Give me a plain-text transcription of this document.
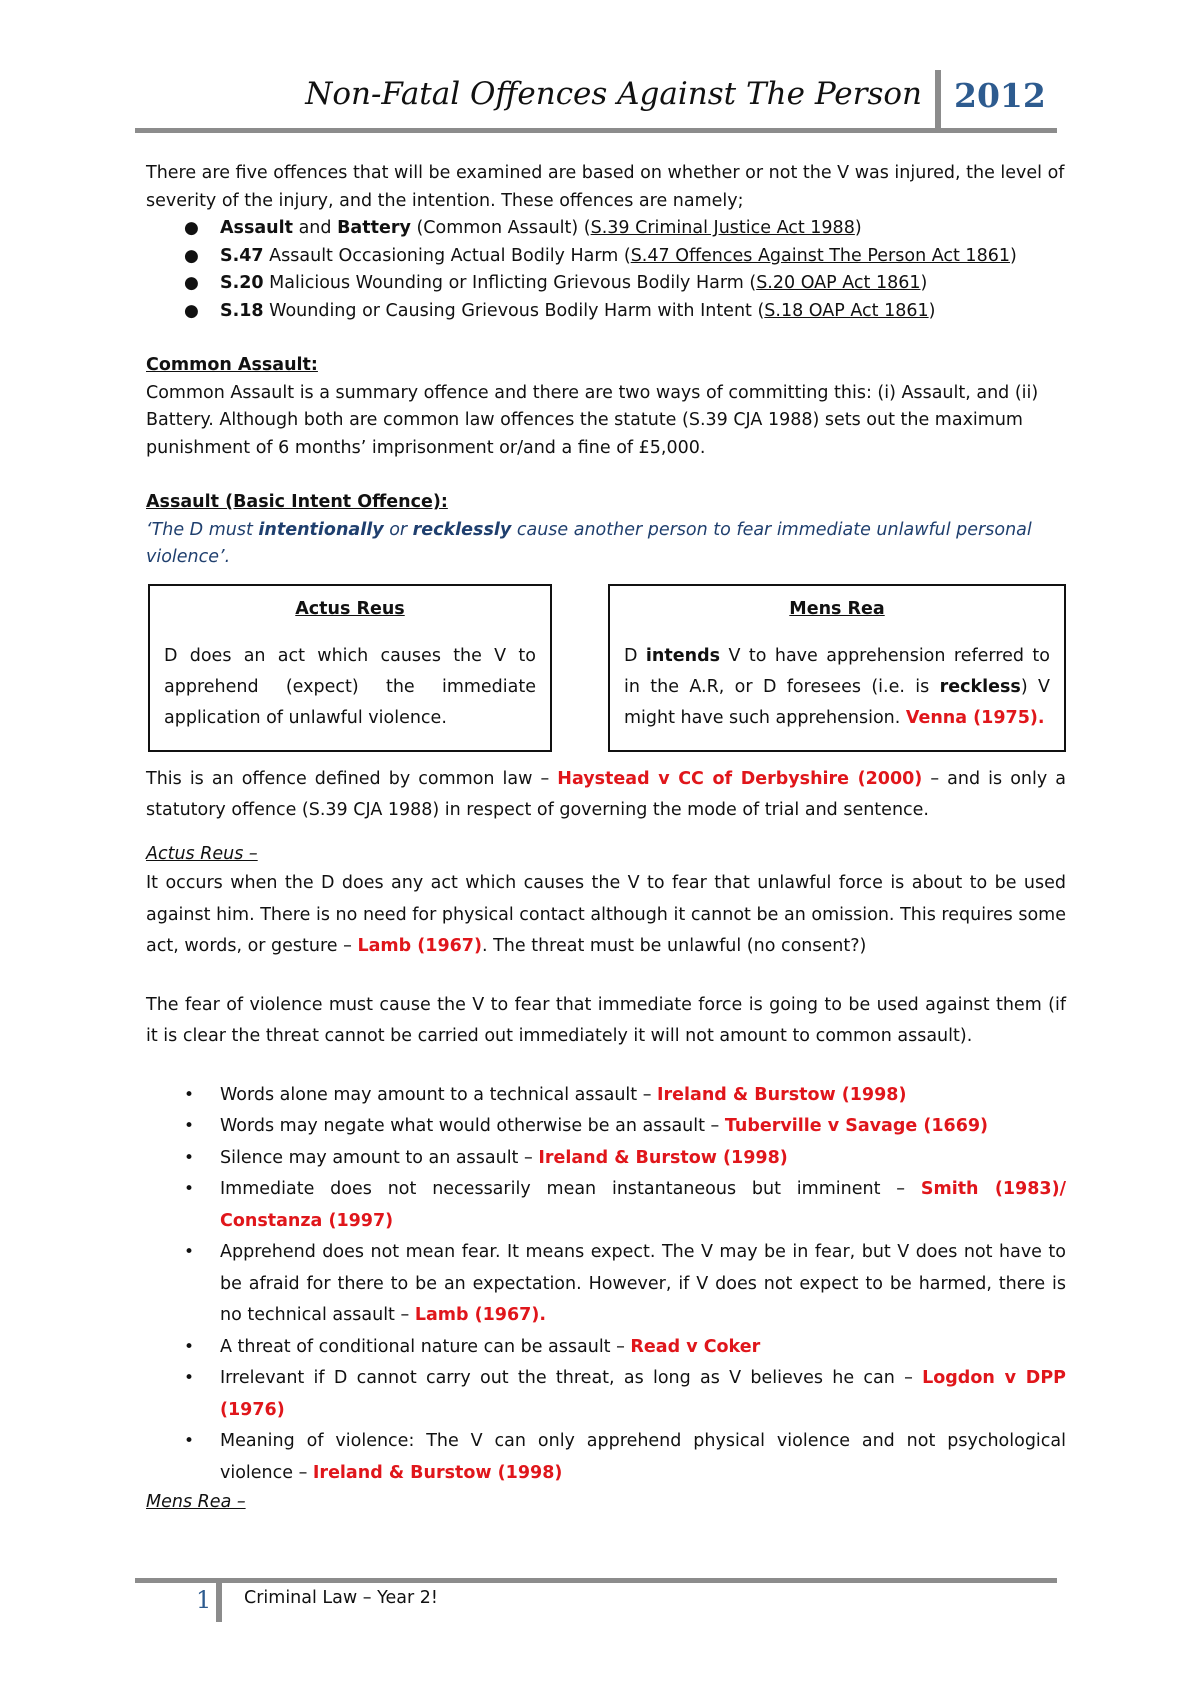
Non-Fatal Offences Against The Person 2012

There are five offences that will be examined are based on whether or not the V was injured, the level of severity of the injury, and the intention. These offences are namely;

● Assault and Battery (Common Assault) (S.39 Criminal Justice Act 1988)
● S.47 Assault Occasioning Actual Bodily Harm (S.47 Offences Against The Person Act 1861)
● S.20 Malicious Wounding or Inflicting Grievous Bodily Harm (S.20 OAP Act 1861)
● S.18 Wounding or Causing Grievous Bodily Harm with Intent (S.18 OAP Act 1861)

Common Assault:

Common Assault is a summary offence and there are two ways of committing this: (i) Assault, and (ii) Battery. Although both are common law offences the statute (S.39 CJA 1988) sets out the maximum punishment of 6 months’ imprisonment or/and a fine of £5,000.

Assault (Basic Intent Offence):

‘The D must intentionally or recklessly cause another person to fear immediate unlawful personal violence’.

Actus Reus
D does an act which causes the V to apprehend (expect) the immediate application of unlawful violence.
Mens Rea
D intends V to have apprehension referred to in the A.R, or D foresees (i.e. is reckless) V might have such apprehension. Venna (1975).

This is an offence defined by common law – Haystead v CC of Derbyshire (2000) – and is only a statutory offence (S.39 CJA 1988) in respect of governing the mode of trial and sentence.

Actus Reus –

It occurs when the D does any act which causes the V to fear that unlawful force is about to be used against him. There is no need for physical contact although it cannot be an omission. This requires some act, words, or gesture – Lamb (1967). The threat must be unlawful (no consent?)

The fear of violence must cause the V to fear that immediate force is going to be used against them (if it is clear the threat cannot be carried out immediately it will not amount to common assault).

• Words alone may amount to a technical assault – Ireland & Burstow (1998)
• Words may negate what would otherwise be an assault – Tuberville v Savage (1669)
• Silence may amount to an assault – Ireland & Burstow (1998)
• Immediate does not necessarily mean instantaneous but imminent – Smith (1983)/ Constanza (1997)
• Apprehend does not mean fear. It means expect. The V may be in fear, but V does not have to be afraid for there to be an expectation. However, if V does not expect to be harmed, there is no technical assault – Lamb (1967).
• A threat of conditional nature can be assault – Read v Coker
• Irrelevant if D cannot carry out the threat, as long as V believes he can – Logdon v DPP (1976)
• Meaning of violence: The V can only apprehend physical violence and not psychological violence – Ireland & Burstow (1998)

Mens Rea –

1 Criminal Law – Year 2!
